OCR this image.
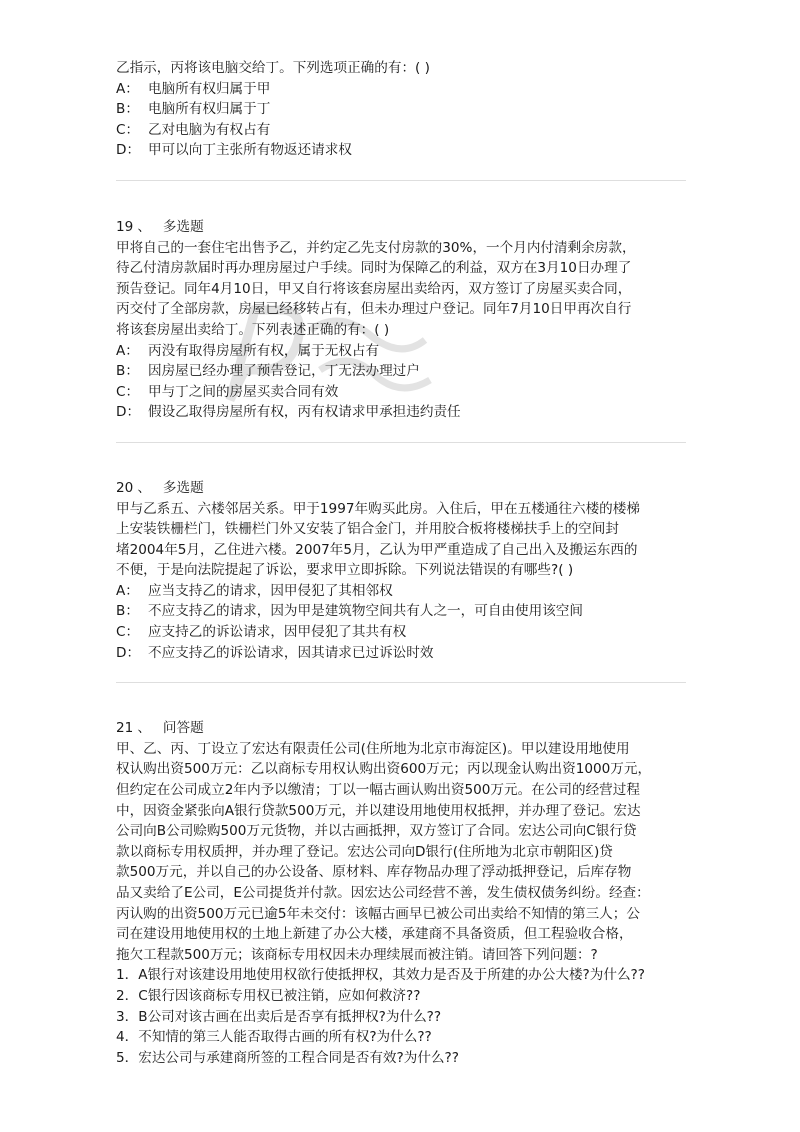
乙指示，丙将该电脑交给丁。下列选项正确的有：( )
A： 电脑所有权归属于甲
B： 电脑所有权归属于丁
C： 乙对电脑为有权占有
D： 甲可以向丁主张所有物返还请求权
19 、 多选题
甲将自己的一套住宅出售予乙，并约定乙先支付房款的30%，一个月内付清剩余房款，
待乙付清房款届时再办理房屋过户手续。同时为保障乙的利益，双方在3月10日办理了
预告登记。同年4月10日，甲又自行将该套房屋出卖给丙，双方签订了房屋买卖合同，
丙交付了全部房款，房屋已经移转占有，但未办理过户登记。同年7月10日甲再次自行
将该套房屋出卖给丁。下列表述正确的有：( )
A： 丙没有取得房屋所有权，属于无权占有
B： 因房屋已经办理了预告登记，丁无法办理过户
C： 甲与丁之间的房屋买卖合同有效
D： 假设乙取得房屋所有权，丙有权请求甲承担违约责任
20 、 多选题
甲与乙系五、六楼邻居关系。甲于1997年购买此房。入住后，甲在五楼通往六楼的楼梯
上安装铁栅栏门，铁栅栏门外又安装了铝合金门，并用胶合板将楼梯扶手上的空间封
堵2004年5月，乙住进六楼。2007年5月，乙认为甲严重造成了自己出入及搬运东西的
不便，于是向法院提起了诉讼，要求甲立即拆除。下列说法错误的有哪些?( )
A： 应当支持乙的请求，因甲侵犯了其相邻权
B： 不应支持乙的请求，因为甲是建筑物空间共有人之一，可自由使用该空间
C： 应支持乙的诉讼请求，因甲侵犯了其共有权
D： 不应支持乙的诉讼请求，因其请求已过诉讼时效
21 、 问答题
甲、乙、丙、丁设立了宏达有限责任公司(住所地为北京市海淀区)。甲以建设用地使用
权认购出资500万元：乙以商标专用权认购出资600万元；丙以现金认购出资1000万元，
但约定在公司成立2年内予以缴清；丁以一幅古画认购出资500万元。在公司的经营过程
中，因资金紧张向A银行贷款500万元，并以建设用地使用权抵押，并办理了登记。宏达
公司向B公司赊购500万元货物，并以古画抵押，双方签订了合同。宏达公司向C银行贷
款以商标专用权质押，并办理了登记。宏达公司向D银行(住所地为北京市朝阳区)贷
款500万元，并以自己的办公设备、原材料、库存物品办理了浮动抵押登记，后库存物
品又卖给了E公司，E公司提货并付款。因宏达公司经营不善，发生债权债务纠纷。经查：
丙认购的出资500万元已逾5年未交付：该幅古画早已被公司出卖给不知情的第三人；公
司在建设用地使用权的土地上新建了办公大楼，承建商不具备资质，但工程验收合格，
拖欠工程款500万元；该商标专用权因未办理续展而被注销。请回答下列问题：?
1．A银行对该建设用地使用权欲行使抵押权，其效力是否及于所建的办公大楼?为什么??
2．C银行因该商标专用权已被注销，应如何救济??
3．B公司对该古画在出卖后是否享有抵押权?为什么??
4．不知情的第三人能否取得古画的所有权?为什么??
5．宏达公司与承建商所签的工程合同是否有效?为什么??
